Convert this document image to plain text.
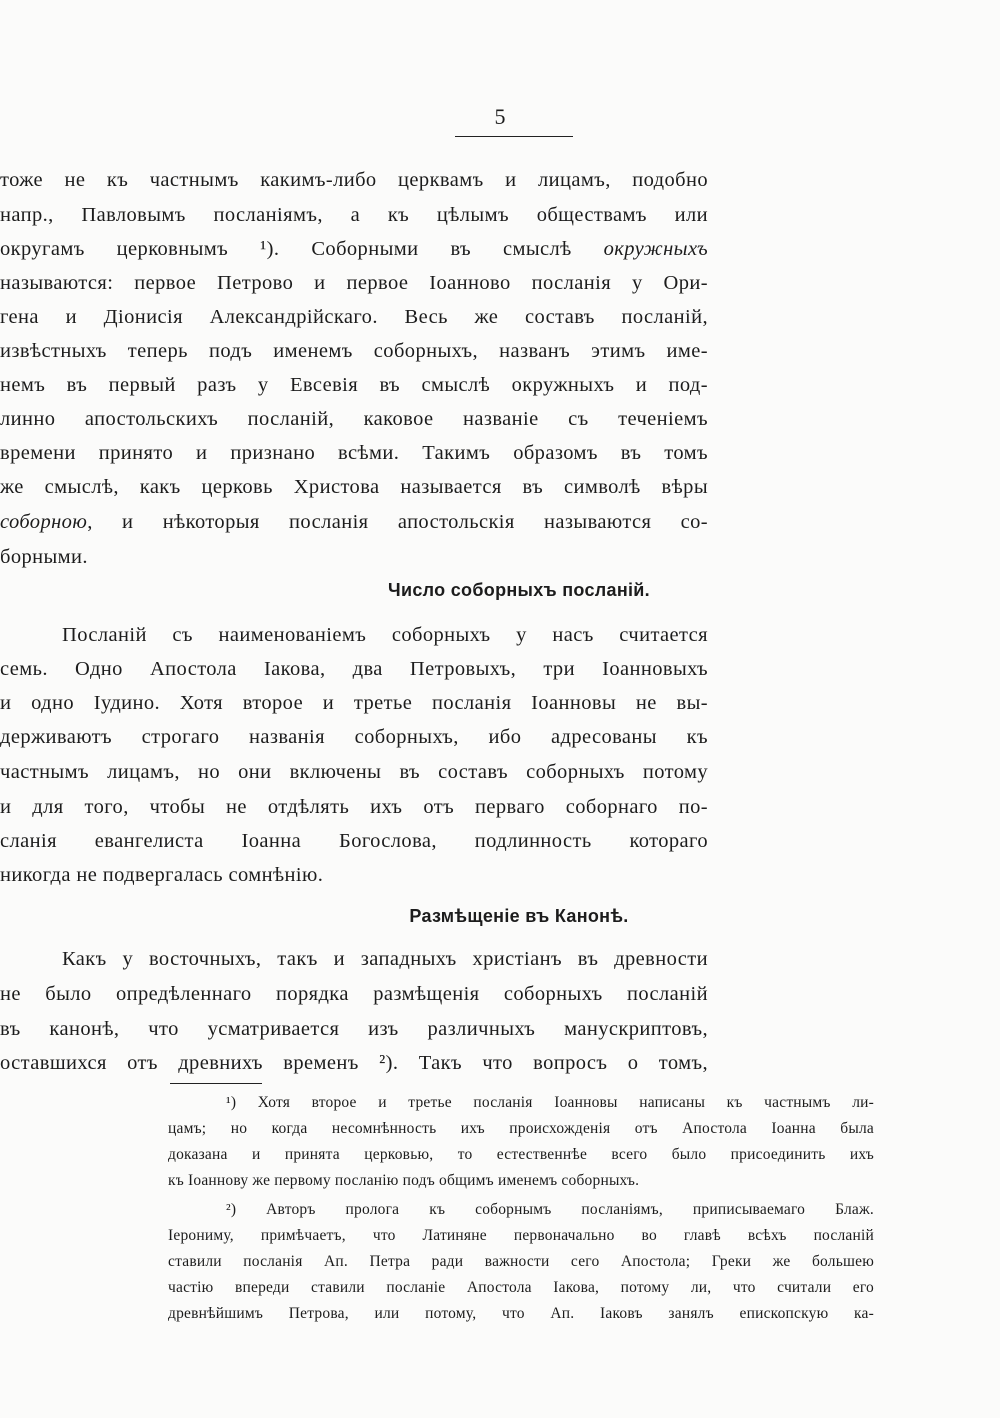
5
тоже не къ частнымъ какимъ-либо церквамъ и лицамъ, подобно
напр., Павловымъ посланіямъ, а къ цѣлымъ обществамъ или
округамъ церковнымъ ¹). Соборными въ смыслѣ окружныхъ
называются: первое Петрово и первое Іоанново посланія у Ори-
гена и Діонисія Александрійскаго. Весь же составъ посланій,
извѣстныхъ теперь подъ именемъ соборныхъ, названъ этимъ име-
немъ въ первый разъ у Евсевія въ смыслѣ окружныхъ и под-
линно апостольскихъ посланій, каковое названіе съ теченіемъ
времени принято и признано всѣми. Такимъ образомъ въ томъ
же смыслѣ, какъ церковь Христова называется въ символѣ вѣры
соборною, и нѣкоторыя посланія апостольскія называются со-
борными.
Число соборныхъ посланій.
Посланій съ наименованіемъ соборныхъ у насъ считается
семь. Одно Апостола Іакова, два Петровыхъ, три Іоанновыхъ
и одно Іудино. Хотя второе и третье посланія Іоанновы не вы-
держиваютъ строгаго названія соборныхъ, ибо адресованы къ
частнымъ лицамъ, но они включены въ составъ соборныхъ потому
и для того, чтобы не отдѣлять ихъ отъ перваго соборнаго по-
сланія евангелиста Іоанна Богослова, подлинность котораго
никогда не подвергалась сомнѣнію.
Размѣщеніе въ Канонѣ.
Какъ у восточныхъ, такъ и западныхъ христіанъ въ древности
не было опредѣленнаго порядка размѣщенія соборныхъ посланій
въ канонѣ, что усматривается изъ различныхъ манускриптовъ,
оставшихся отъ древнихъ временъ ²). Такъ что вопросъ о томъ,
¹) Хотя второе и третье посланія Іоанновы написаны къ частнымъ ли-
цамъ; но когда несомнѣнность ихъ происхожденія отъ Апостола Іоанна была
доказана и принята церковью, то естественнѣе всего было присоединить ихъ
къ Іоаннову же первому посланію подъ общимъ именемъ соборныхъ.
²) Авторъ пролога къ соборнымъ посланіямъ, приписываемаго Блаж.
Іерониму, примѣчаетъ, что Латиняне первоначально во главѣ всѣхъ посланій
ставили посланія Ап. Петра ради важности сего Апостола; Греки же большею
частію впереди ставили посланіе Апостола Іакова, потому ли, что считали его
древнѣйшимъ Петрова, или потому, что Ап. Іаковъ занялъ епископскую ка-
